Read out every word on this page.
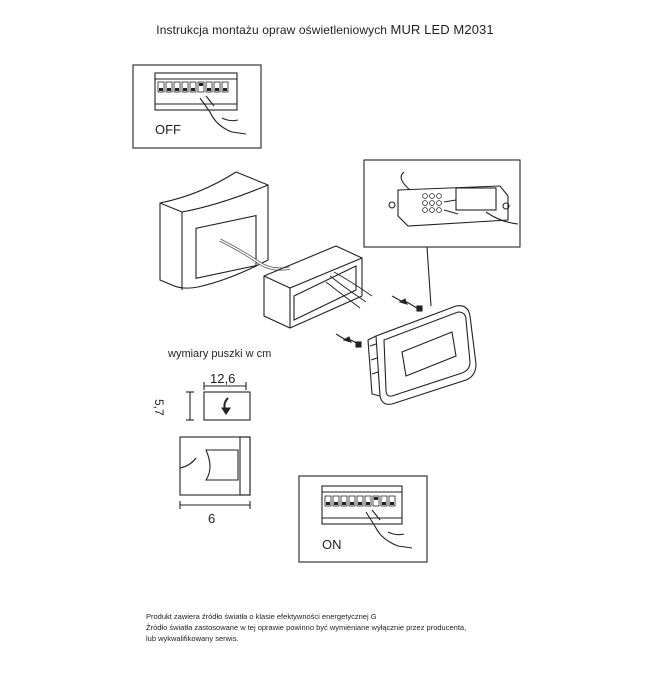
Instrukcja montażu opraw oświetleniowych MUR LED M2031
OFF
ON
wymiary puszki w cm
12,6
5,7
6
Produkt zawiera źródło światła o klasie efektywności energetycznej G
Źródło światła zastosowane w tej oprawie powinno być wymieniane wyłącznie przez producenta,
lub wykwalifikowany serwis.
